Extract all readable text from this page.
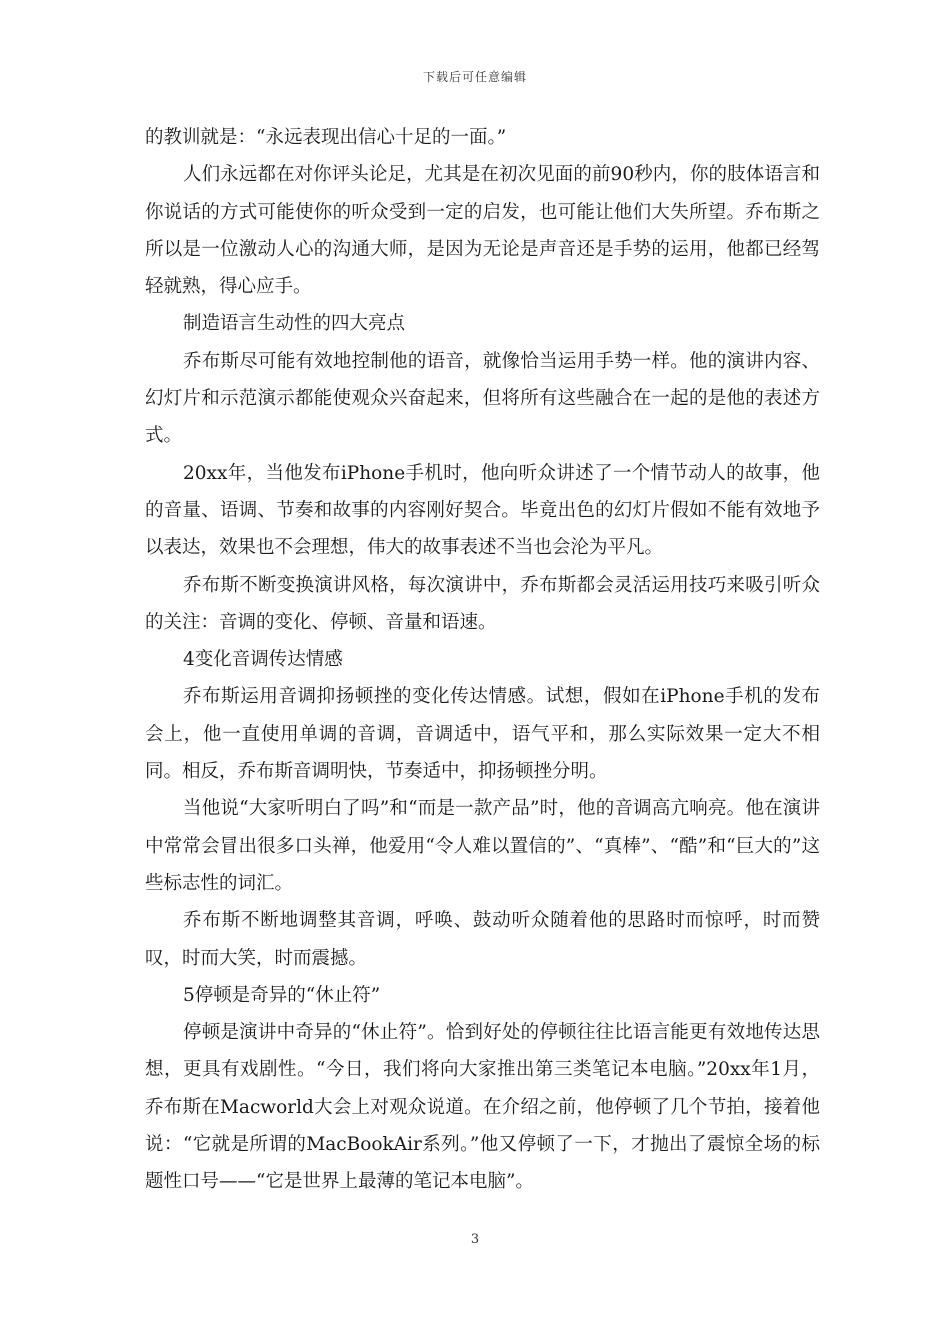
下载后可任意编辑

的教训就是：“永远表现出信心十足的一面。”

人们永远都在对你评头论足，尤其是在初次见面的前90秒内，你的肢体语言和你说话的方式可能使你的听众受到一定的启发，也可能让他们大失所望。乔布斯之所以是一位激动人心的沟通大师，是因为无论是声音还是手势的运用，他都已经驾轻就熟，得心应手。

制造语言生动性的四大亮点

乔布斯尽可能有效地控制他的语音，就像恰当运用手势一样。他的演讲内容、幻灯片和示范演示都能使观众兴奋起来，但将所有这些融合在一起的是他的表述方式。

20xx年，当他发布iPhone手机时，他向听众讲述了一个情节动人的故事，他的音量、语调、节奏和故事的内容刚好契合。毕竟出色的幻灯片假如不能有效地予以表达，效果也不会理想，伟大的故事表述不当也会沦为平凡。

乔布斯不断变换演讲风格，每次演讲中，乔布斯都会灵活运用技巧来吸引听众的关注：音调的变化、停顿、音量和语速。

4变化音调传达情感

乔布斯运用音调抑扬顿挫的变化传达情感。试想，假如在iPhone手机的发布会上，他一直使用单调的音调，音调适中，语气平和，那么实际效果一定大不相同。相反，乔布斯音调明快，节奏适中，抑扬顿挫分明。

当他说“大家听明白了吗”和“而是一款产品”时，他的音调高亢响亮。他在演讲中常常会冒出很多口头禅，他爱用“令人难以置信的”、“真棒”、“酷”和“巨大的”这些标志性的词汇。

乔布斯不断地调整其音调，呼唤、鼓动听众随着他的思路时而惊呼，时而赞叹，时而大笑，时而震撼。

5停顿是奇异的“休止符”

停顿是演讲中奇异的“休止符”。恰到好处的停顿往往比语言能更有效地传达思想，更具有戏剧性。“今日，我们将向大家推出第三类笔记本电脑。”20xx年1月，乔布斯在Macworld大会上对观众说道。在介绍之前，他停顿了几个节拍，接着他说：“它就是所谓的MacBookAir系列。”他又停顿了一下，才抛出了震惊全场的标题性口号——“它是世界上最薄的笔记本电脑”。

3
